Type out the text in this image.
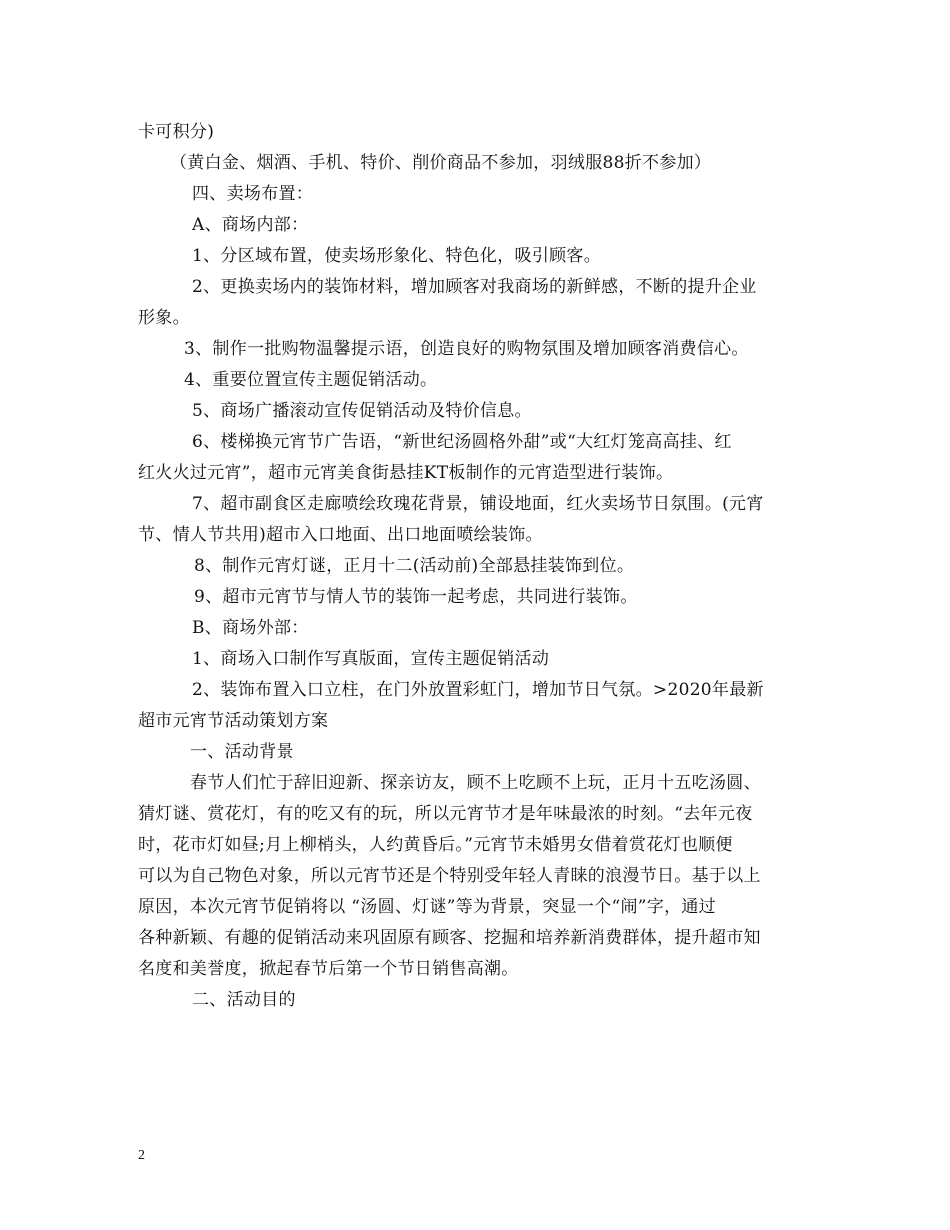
卡可积分)
（黄白金、烟酒、手机、特价、削价商品不参加，羽绒服88折不参加）
四、卖场布置：
A、商场内部：
1、分区域布置，使卖场形象化、特色化，吸引顾客。
2、更换卖场内的装饰材料，增加顾客对我商场的新鲜感，不断的提升企业
形象。
3、制作一批购物温馨提示语，创造良好的购物氛围及增加顾客消费信心。
4、重要位置宣传主题促销活动。
5、商场广播滚动宣传促销活动及特价信息。
6、楼梯换元宵节广告语，“新世纪汤圆格外甜”或“大红灯笼高高挂、红
红火火过元宵”，超市元宵美食街悬挂KT板制作的元宵造型进行装饰。
7、超市副食区走廊喷绘玫瑰花背景，铺设地面，红火卖场节日氛围。(元宵
节、情人节共用)超市入口地面、出口地面喷绘装饰。
8、制作元宵灯谜，正月十二(活动前)全部悬挂装饰到位。
9、超市元宵节与情人节的装饰一起考虑，共同进行装饰。
B、商场外部：
1、商场入口制作写真版面，宣传主题促销活动
2、装饰布置入口立柱，在门外放置彩虹门，增加节日气氛。>2020年最新
超市元宵节活动策划方案
一、活动背景
春节人们忙于辞旧迎新、探亲访友，顾不上吃顾不上玩，正月十五吃汤圆、
猜灯谜、赏花灯，有的吃又有的玩，所以元宵节才是年味最浓的时刻。“去年元夜
时，花市灯如昼;月上柳梢头，人约黄昏后。”元宵节未婚男女借着赏花灯也顺便
可以为自己物色对象，所以元宵节还是个特别受年轻人青睐的浪漫节日。基于以上
原因，本次元宵节促销将以 “汤圆、灯谜”等为背景，突显一个“闹”字，通过
各种新颖、有趣的促销活动来巩固原有顾客、挖掘和培养新消费群体，提升超市知
名度和美誉度，掀起春节后第一个节日销售高潮。
二、活动目的
2
